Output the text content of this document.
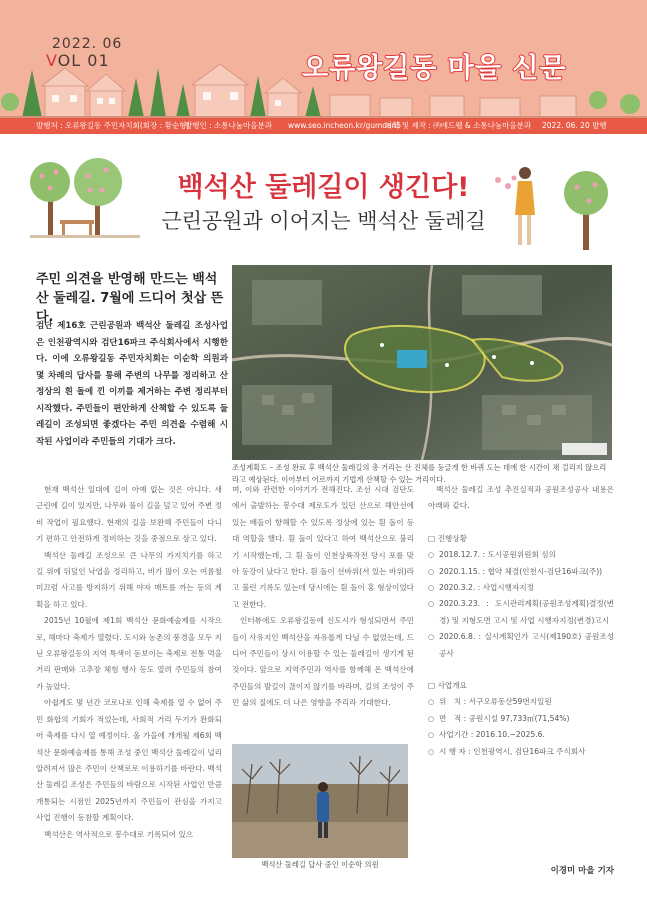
2022. 06
VOL 01	오류왕길동 마을 신문
발행처 : 오류왕길동 주민자치회(회장 : 황순형)
발행인 : 소통나눔마을분과 www.seo.incheon.kr/gumdan5
기획 및 제작 : ㈜에드웰 & 소통나눔마을분과 2022. 06. 20 발행
백석산 둘레길이 생긴다!
근린공원과 이어지는 백석산 둘레길
주민 의견을 반영해 만드는 백석산 둘레길. 7월에 드디어 첫삽 뜬다.
검단 제16호 근린공원과 백석산 둘레길 조성사업은 인천광역시와 검단16파크 주식회사에서 시행한다. 이에 오류왕길동 주민자치회는 이순학 의원과 몇 차례의 답사를 통해 주변의 나무를 정리하고 산 정상의 흰 돌에 낀 이끼를 제거하는 주변 정리부터 시작했다. 주민들이 편안하게 산책할 수 있도록 둘레길이 조성되면 좋겠다는 주민 의견을 수렴해 시작된 사업이라 주민들의 기대가 크다.
조성계획도 – 조성 완료 후 백석산 둘레길의 총 거리는 산 진체를 둥글게 한 바퀴 도는 데에 한 시간이 채 걸리지 않으리라고 예상된다. 이어부터 어르까지 기법게 산책할 수 있는 거리이다.

현재 백석산 일대에 길이 아예 없는 것은 아니다. 새 근린에 길이 있지만, 나무와 풀이 길을 덮고 있어 주변 정비 작업이 필요했다. 현재의 길을 보완해 주민들이 다니기 편하고 안전하게 정비하는 것을 중점으로 삼고 있다.

백석산 둘레길 조성으로 큰 나무의 가지치기를 하고 길 위에 뒤덮인 낙엽을 정리하고, 비가 많이 오는 여름철 미끄럼 사고를 방지하기 위해 야자 매트를 까는 등의 계획을 하고 있다.

2015년 10월에 제1회 백석산 문화예술제를 시작으로, 해마다 축제가 열렸다. 도시와 농촌의 풍경을 모두 지닌 오류왕길동의 지역 특색이 돋보이는 축제로 전통 먹을거리 판매와 고추장 체험 행사 등도 열려 주민들의 참여가 높았다.

아쉽게도 몇 년간 코로나로 인해 축제를 열 수 없어 주민 화합의 기회가 적었는데, 사회적 거리 두기가 완화되어 축제를 다시 열 예정이다. 올 가을에 개개될 제6회 백석산 문화예술제를 통해 조성 중인 백석산 둘레길이 널리 알려져서 많은 주민이 산책로로 이용하기를 바란다. 백석산 둘레길 조성은 주민들의 바람으로 시작된 사업인 만큼 개통되는 시점인 2025년까지 주민들이 관심을 가지고 사업 진행이 동참할 계획이다.

백석산은 역사적으로 봉수대로 기록되어 있으

며, 이와 관련한 이야기가 전해진다. 조선 시대 검단도에서 출발하는 봉수대 제로도가 있던 산으로 해안선에 있는 배들이 항해할 수 있도록 정상에 있는 흰 돌이 등대 역할을 했다. 흰 돌이 있다고 하여 백석산으로 불리기 시작했는데, 그 흰 돌이 인천상륙작전 당시 포를 맞아 동강이 났다고 한다. 흰 돌이 선바위(서 있는 바위)라고 불린 기록도 있는데 당시에는 흰 돌이 홍 형상이었다고 전한다.

인터뷰에도 오류왕길동에 신도시가 형성되면서 주민들이 사유지인 백석산을 자유롭게 다닐 수 없었는데, 드디어 주민들이 상시 이용할 수 있는 둘레길이 생기게 된 것이다. 앞으로 지역주민과 역사를 함께해 온 백석산에 주민들의 발길이 끊이지 않기를 바라며, 길의 조성이 주민 삶의 질에도 더 나은 영향을 주리라 기대한다.

백석산 둘레길 답사 중인 이순학 의원

백석산 둘레길 조성 추진실적과 공원조성공사 내용은 아래와 같다.

□ 진행상황
○ 2018.12.7. : 도시공원위원회 심의
○ 2020.1.15. : 협약 체결(인천시-검단16파크(주))
○ 2020.3.2. : 사업시행자지정
○ 2020.3.23. : 도시관리계획(공원조성계획)결정(변경) 및 지형도면 고시 및 사업 시행자지정(변경)고시
○ 2020.6.8. : 실시계획인가 고시(제190호) 공원조성공사
□ 사업개요
○ 위　치 : 서구오류동산59번지일원
○ 면　적 : 공원시설 97,733㎡(71,54%)
○ 사업기간 : 2016.10.~2025.6.
○ 시 행 자 : 인천광역시, 검단16파크 주식회사
이경미 마을 기자
